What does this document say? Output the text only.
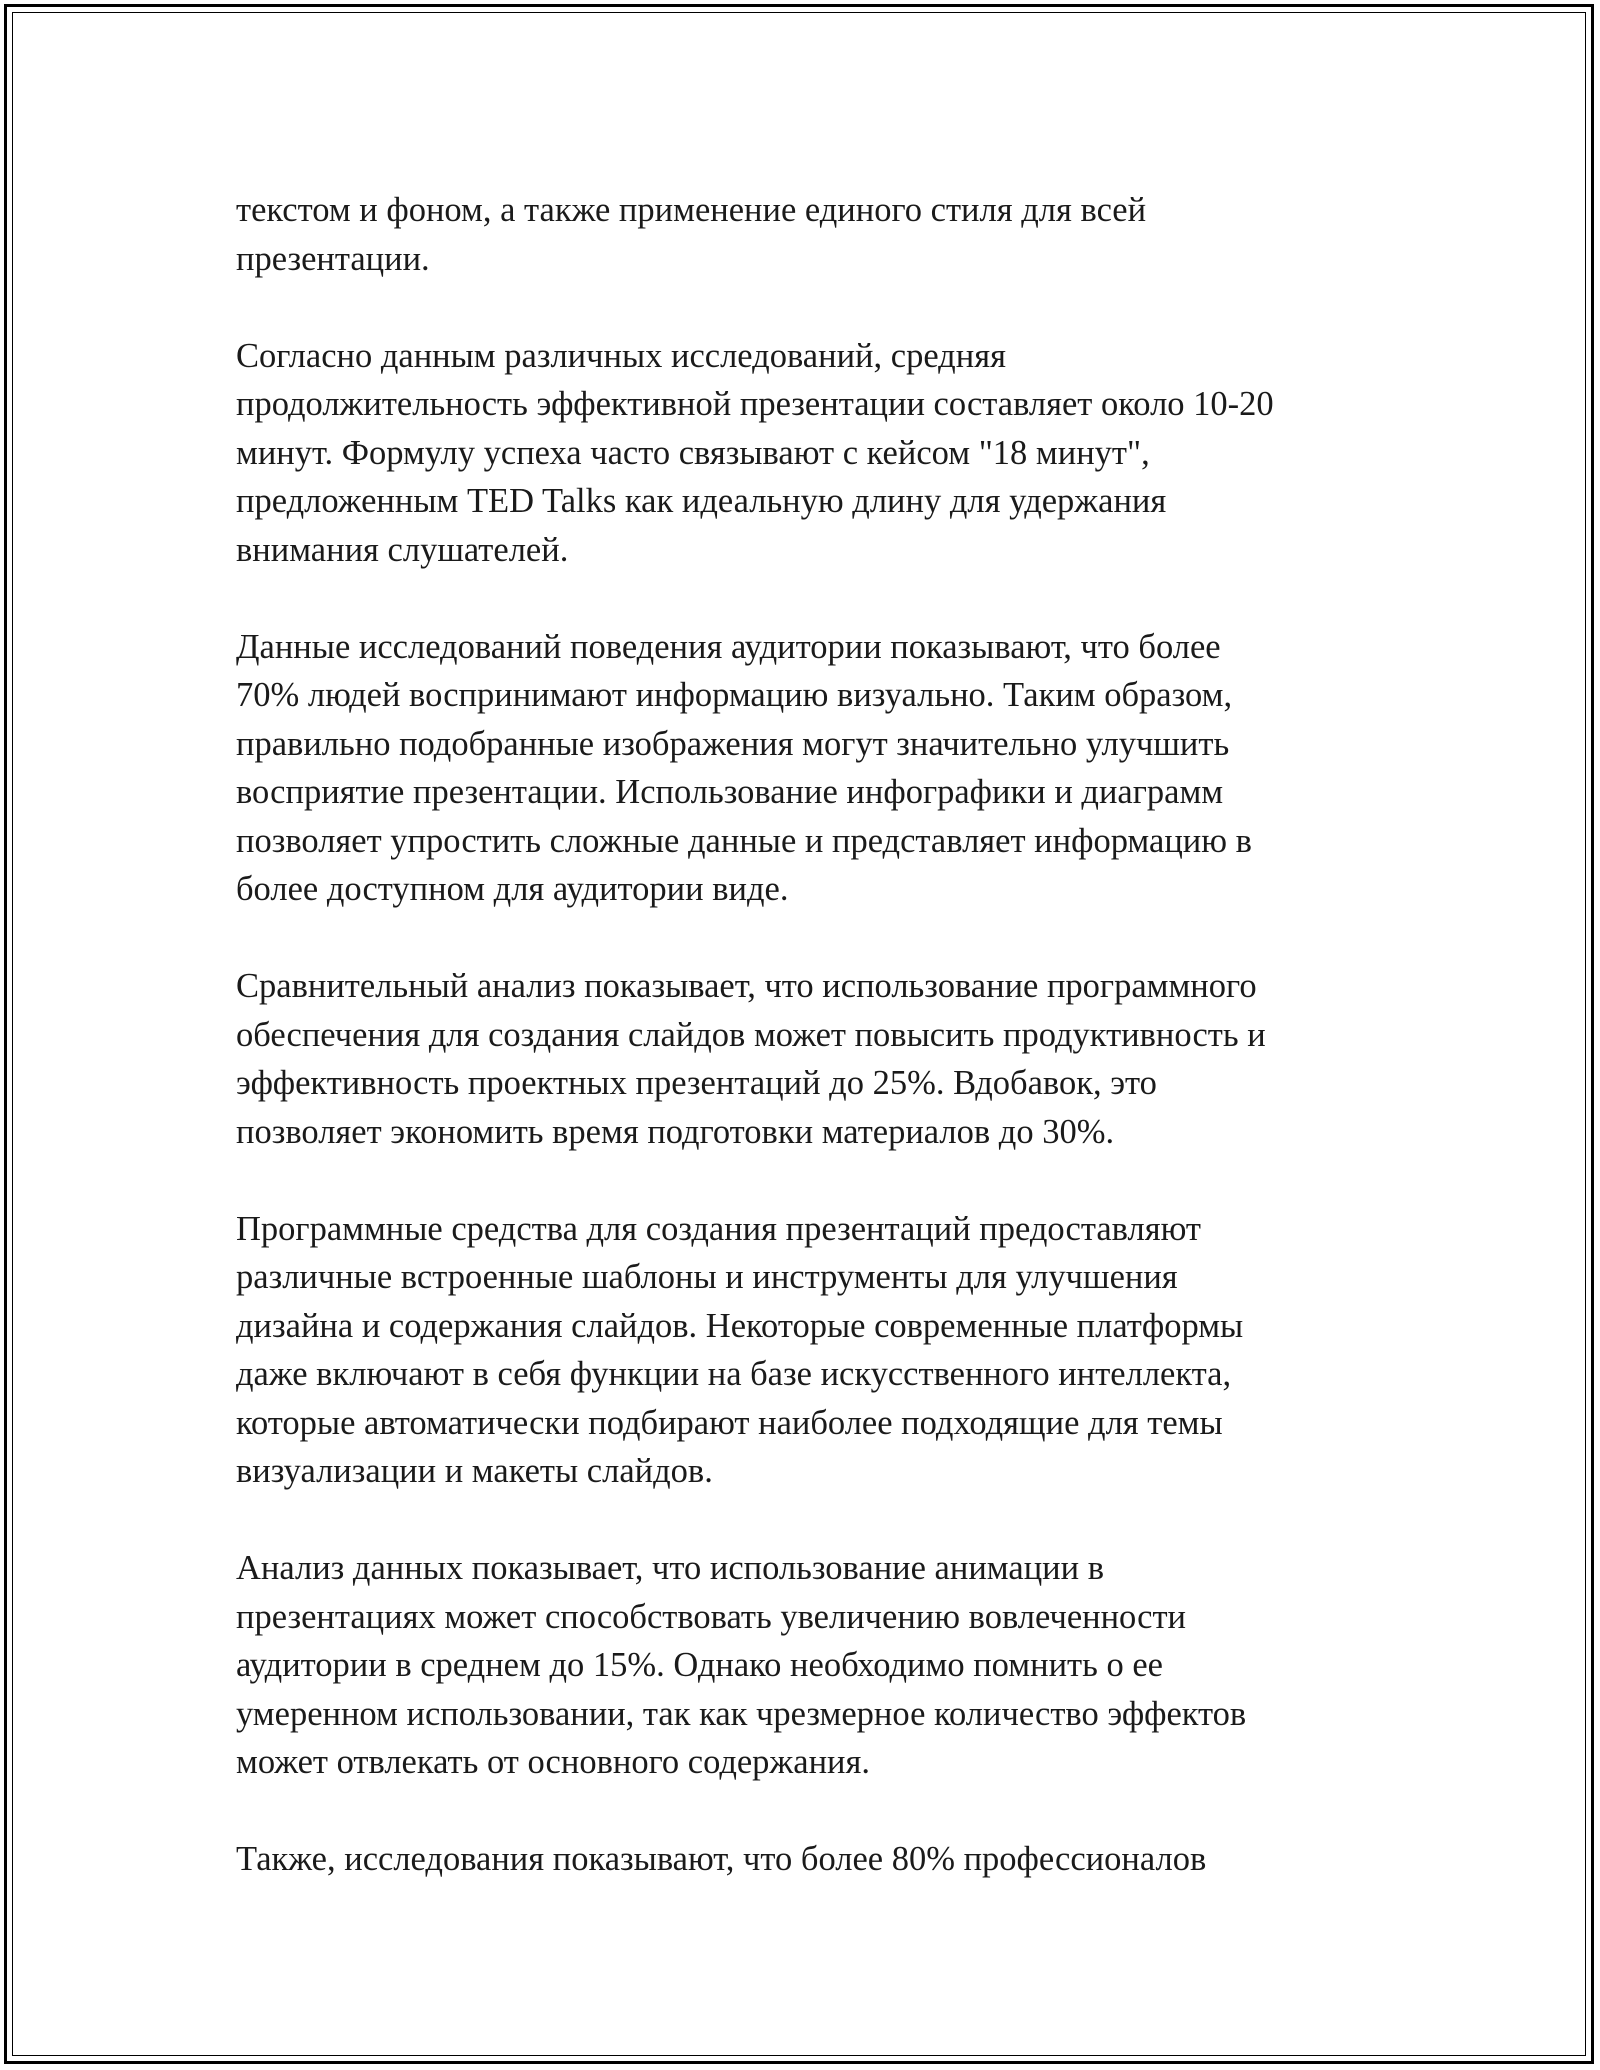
текстом и фоном, а также применение единого стиля для всей
презентации.
Согласно данным различных исследований, средняя
продолжительность эффективной презентации составляет около 10-20
минут. Формулу успеха часто связывают с кейсом "18 минут",
предложенным TED Talks как идеальную длину для удержания
внимания слушателей.
Данные исследований поведения аудитории показывают, что более
70% людей воспринимают информацию визуально. Таким образом,
правильно подобранные изображения могут значительно улучшить
восприятие презентации. Использование инфографики и диаграмм
позволяет упростить сложные данные и представляет информацию в
более доступном для аудитории виде.
Сравнительный анализ показывает, что использование программного
обеспечения для создания слайдов может повысить продуктивность и
эффективность проектных презентаций до 25%. Вдобавок, это
позволяет экономить время подготовки материалов до 30%.
Программные средства для создания презентаций предоставляют
различные встроенные шаблоны и инструменты для улучшения
дизайна и содержания слайдов. Некоторые современные платформы
даже включают в себя функции на базе искусственного интеллекта,
которые автоматически подбирают наиболее подходящие для темы
визуализации и макеты слайдов.
Анализ данных показывает, что использование анимации в
презентациях может способствовать увеличению вовлеченности
аудитории в среднем до 15%. Однако необходимо помнить о ее
умеренном использовании, так как чрезмерное количество эффектов
может отвлекать от основного содержания.
Также, исследования показывают, что более 80% профессионалов
